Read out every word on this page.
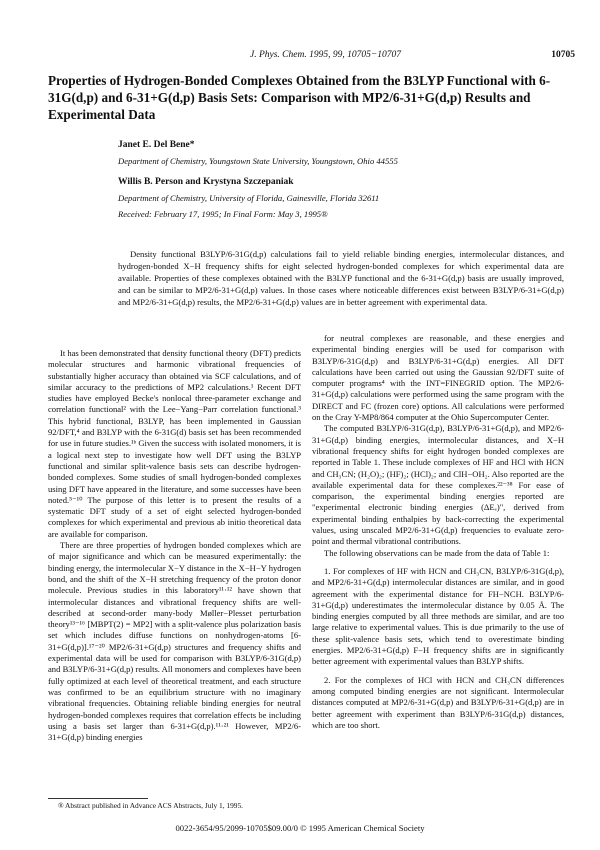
J. Phys. Chem. 1995, 99, 10705−10707	10705
Properties of Hydrogen-Bonded Complexes Obtained from the B3LYP Functional with 6-31G(d,p) and 6-31+G(d,p) Basis Sets: Comparison with MP2/6-31+G(d,p) Results and Experimental Data
Janet E. Del Bene*
Department of Chemistry, Youngstown State University, Youngstown, Ohio 44555
Willis B. Person and Krystyna Szczepaniak
Department of Chemistry, University of Florida, Gainesville, Florida 32611
Received: February 17, 1995; In Final Form: May 3, 1995®
Density functional B3LYP/6-31G(d,p) calculations fail to yield reliable binding energies, intermolecular distances, and hydrogen-bonded X−H frequency shifts for eight selected hydrogen-bonded complexes for which experimental data are available. Properties of these complexes obtained with the B3LYP functional and the 6-31+G(d,p) basis are usually improved, and can be similar to MP2/6-31+G(d,p) values. In those cases where noticeable differences exist between B3LYP/6-31+G(d,p) and MP2/6-31+G(d,p) results, the MP2/6-31+G(d,p) values are in better agreement with experimental data.

It has been demonstrated that density functional theory (DFT) predicts molecular structures and harmonic vibrational frequencies of substantially higher accuracy than obtained via SCF calculations, and of similar accuracy to the predictions of MP2 calculations.¹ Recent DFT studies have employed Becke's nonlocal three-parameter exchange and correlation functional² with the Lee−Yang−Parr correlation functional.³ This hybrid functional, B3LYP, has been implemented in Gaussian 92/DFT,⁴ and B3LYP with the 6-31G(d) basis set has been recommended for use in future studies.¹ᵇ Given the success with isolated monomers, it is a logical next step to investigate how well DFT using the B3LYP functional and similar split-valence basis sets can describe hydrogen-bonded complexes. Some studies of small hydrogen-bonded complexes using DFT have appeared in the literature, and some successes have been noted.⁵⁻¹⁰ The purpose of this letter is to present the results of a systematic DFT study of a set of eight selected hydrogen-bonded complexes for which experimental and previous ab initio theoretical data are available for comparison.

There are three properties of hydrogen bonded complexes which are of major significance and which can be measured experimentally: the binding energy, the intermolecular X−Y distance in the X−H−Y hydrogen bond, and the shift of the X−H stretching frequency of the proton donor molecule. Previous studies in this laboratory¹¹·¹² have shown that intermolecular distances and vibrational frequency shifts are well-described at second-order many-body Møller−Plesset perturbation theory¹³⁻¹⁶ [MBPT(2) = MP2] with a split-valence plus polarization basis set which includes diffuse functions on nonhydrogen-atoms [6-31+G(d,p)].¹⁷⁻²⁰ MP2/6-31+G(d,p) structures and frequency shifts and experimental data will be used for comparison with B3LYP/6-31G(d,p) and B3LYP/6-31+G(d,p) results. All monomers and complexes have been fully optimized at each level of theoretical treatment, and each structure was confirmed to be an equilibrium structure with no imaginary vibrational frequencies. Obtaining reliable binding energies for neutral hydrogen-bonded complexes requires that correlation effects be including using a basis set larger than 6-31+G(d,p).¹¹·²¹ However, MP2/6-31+G(d,p) binding energies

for neutral complexes are reasonable, and these energies and experimental binding energies will be used for comparison with B3LYP/6-31G(d,p) and B3LYP/6-31+G(d,p) energies. All DFT calculations have been carried out using the Gaussian 92/DFT suite of computer programs⁴ with the INT=FINEGRID option. The MP2/6-31+G(d,p) calculations were performed using the same program with the DIRECT and FC (frozen core) options. All calculations were performed on the Cray Y-MP8/864 computer at the Ohio Supercomputer Center.

The computed B3LYP/6-31G(d,p), B3LYP/6-31+G(d,p), and MP2/6-31+G(d,p) binding energies, intermolecular distances, and X−H vibrational frequency shifts for eight hydrogen bonded complexes are reported in Table 1. These include complexes of HF and HCl with HCN and CH₃CN; (H₂O)₂; (HF)₂; (HCl)₂; and ClH−OH₂. Also reported are the available experimental data for these complexes.²²⁻³⁸ For ease of comparison, the experimental binding energies reported are "experimental electronic binding energies (ΔEₑ)", derived from experimental binding enthalpies by back-correcting the experimental values, using unscaled MP2/6-31+G(d,p) frequencies to evaluate zero-point and thermal vibrational contributions.

The following observations can be made from the data of Table 1:

1. For complexes of HF with HCN and CH₃CN, B3LYP/6-31G(d,p), and MP2/6-31+G(d,p) intermolecular distances are similar, and in good agreement with the experimental distance for FH−NCH. B3LYP/6-31+G(d,p) underestimates the intermolecular distance by 0.05 Å. The binding energies computed by all three methods are similar, and are too large relative to experimental values. This is due primarily to the use of these split-valence basis sets, which tend to overestimate binding energies. MP2/6-31+G(d,p) F−H frequency shifts are in significantly better agreement with experimental values than B3LYP shifts.

2. For the complexes of HCl with HCN and CH₃CN differences among computed binding energies are not significant. Intermolecular distances computed at MP2/6-31+G(d,p) and B3LYP/6-31+G(d,p) are in better agreement with experiment than B3LYP/6-31G(d,p) distances, which are too short.

® Abstract published in Advance ACS Abstracts, July 1, 1995.
0022-3654/95/2099-10705$09.00/0 © 1995 American Chemical Society
